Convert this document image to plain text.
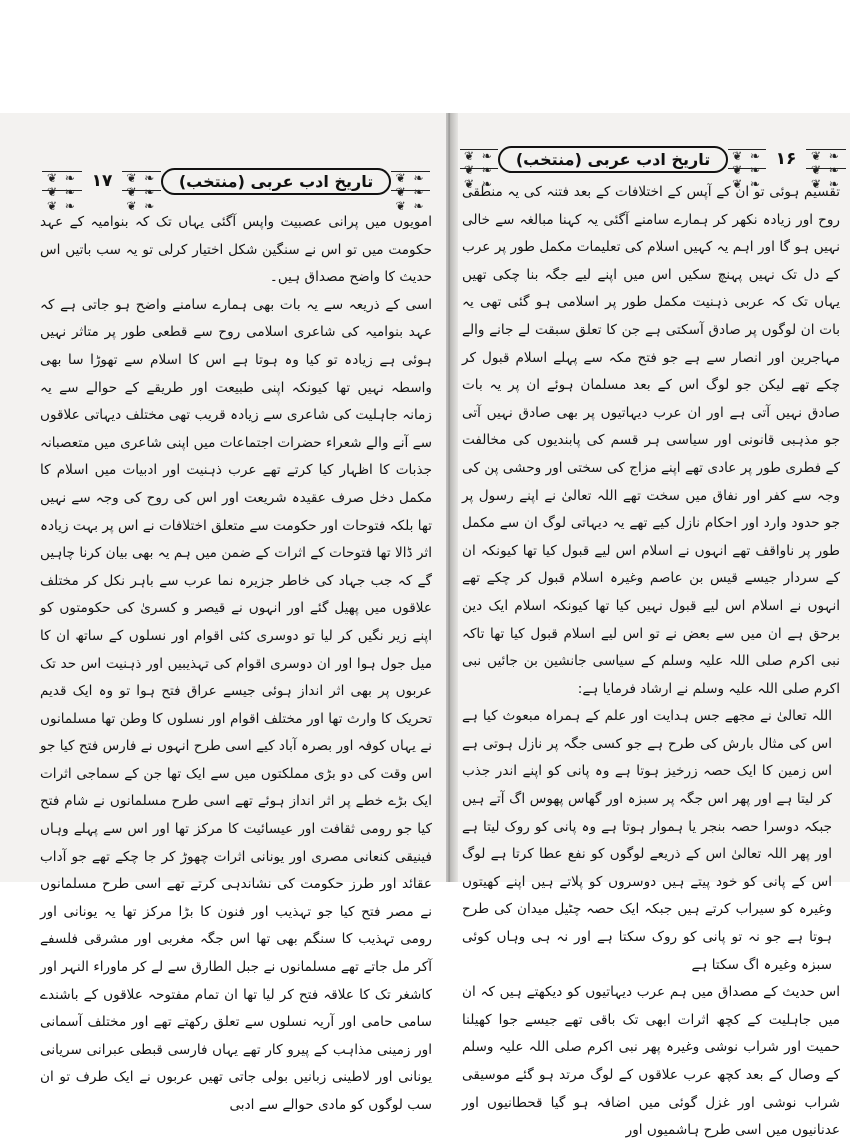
❦ ❧ ❦ ❧ ❦ ❧
تاریخ ادب عربی (منتخب) ❦ ❧ ❦ ❧ ❦ ❧	۱۶
❦ ❧ ❦ ❧ ❦ ❧

تقسیم ہوئی تو ان کے آپس کے اختلافات کے بعد فتنہ کی یہ منطقی روح اور زیادہ نکھر کر ہمارے سامنے آگئی یہ کہنا مبالغہ سے خالی نہیں ہو گا اور اہم یہ کہیں اسلام کی تعلیمات مکمل طور پر عرب کے دل تک نہیں پہنچ سکیں اس میں اپنے لیے جگہ بنا چکی تھیں یہاں تک کہ عربی ذہنیت مکمل طور پر اسلامی ہو گئی تھی یہ بات ان لوگوں پر صادق آسکتی ہے جن کا تعلق سبقت لے جانے والے مہاجرین اور انصار سے ہے جو فتح مکہ سے پہلے اسلام قبول کر چکے تھے لیکن جو لوگ اس کے بعد مسلمان ہوئے ان پر یہ بات صادق نہیں آتی ہے اور ان عرب دیہاتیوں پر بھی صادق نہیں آتی جو مذہبی قانونی اور سیاسی ہر قسم کی پابندیوں کی مخالفت کے فطری طور پر عادی تھے اپنے مزاج کی سختی اور وحشی پن کی وجہ سے کفر اور نفاق میں سخت تھے اللہ تعالیٰ نے اپنے رسول پر جو حدود وارد اور احکام نازل کیے تھے یہ دیہاتی لوگ ان سے مکمل طور پر ناواقف تھے انہوں نے اسلام اس لیے قبول کیا تھا کیونکہ ان کے سردار جیسے قیس بن عاصم وغیرہ اسلام قبول کر چکے تھے انہوں نے اسلام اس لیے قبول نہیں کیا تھا کیونکہ اسلام ایک دین برحق ہے ان میں سے بعض نے تو اس لیے اسلام قبول کیا تھا تاکہ نبی اکرم صلی اللہ علیہ وسلم کے سیاسی جانشین بن جائیں نبی اکرم صلی اللہ علیہ وسلم نے ارشاد فرمایا ہے:

اللہ تعالیٰ نے مجھے جس ہدایت اور علم کے ہمراہ مبعوث کیا ہے اس کی مثال بارش کی طرح ہے جو کسی جگہ پر نازل ہوتی ہے اس زمین کا ایک حصہ زرخیز ہوتا ہے وہ پانی کو اپنے اندر جذب کر لیتا ہے اور پھر اس جگہ پر سبزہ اور گھاس پھوس اگ آتے ہیں جبکہ دوسرا حصہ بنجر یا ہموار ہوتا ہے وہ پانی کو روک لیتا ہے اور پھر اللہ تعالیٰ اس کے ذریعے لوگوں کو نفع عطا کرتا ہے لوگ اس کے پانی کو خود پیتے ہیں دوسروں کو پلاتے ہیں اپنے کھیتوں وغیرہ کو سیراب کرتے ہیں جبکہ ایک حصہ چٹیل میدان کی طرح ہوتا ہے جو نہ تو پانی کو روک سکتا ہے اور نہ ہی وہاں کوئی سبزہ وغیرہ اگ سکتا ہے

اس حدیث کے مصداق میں ہم عرب دیہاتیوں کو دیکھتے ہیں کہ ان میں جاہلیت کے کچھ اثرات ابھی تک باقی تھے جیسے جوا کھیلنا حمیت اور شراب نوشی وغیرہ پھر نبی اکرم صلی اللہ علیہ وسلم کے وصال کے بعد کچھ عرب علاقوں کے لوگ مرتد ہو گئے موسیقی شراب نوشی اور غزل گوئی میں اضافہ ہو گیا قحطانیوں اور عدنانیوں میں اسی طرح ہاشمیوں اور

❦ ❧ ❦ ❧ ❦ ❧
۱۷ ❦ ❧ ❦ ❧ ❦ ❧	تاریخ ادب عربی (منتخب)
❦ ❧ ❦ ❧ ❦ ❧

امویوں میں پرانی عصبیت واپس آگئی یہاں تک کہ بنوامیہ کے عہد حکومت میں تو اس نے سنگین شکل اختیار کرلی تو یہ سب باتیں اس حدیث کا واضح مصداق ہیں۔

اسی کے ذریعہ سے یہ بات بھی ہمارے سامنے واضح ہو جاتی ہے کہ عہد بنوامیہ کی شاعری اسلامی روح سے قطعی طور پر متاثر نہیں ہوئی ہے زیادہ تو کیا وہ ہوتا ہے اس کا اسلام سے تھوڑا سا بھی واسطہ نہیں تھا کیونکہ اپنی طبیعت اور طریقے کے حوالے سے یہ زمانہ جاہلیت کی شاعری سے زیادہ قریب تھی مختلف دیہاتی علاقوں سے آنے والے شعراء حضرات اجتماعات میں اپنی شاعری میں متعصبانہ جذبات کا اظہار کیا کرتے تھے عرب ذہنیت اور ادبیات میں اسلام کا مکمل دخل صرف عقیدہ شریعت اور اس کی روح کی وجہ سے نہیں تھا بلکہ فتوحات اور حکومت سے متعلق اختلافات نے اس پر بہت زیادہ اثر ڈالا تھا فتوحات کے اثرات کے ضمن میں ہم یہ بھی بیان کرنا چاہیں گے کہ جب جہاد کی خاطر جزیرہ نما عرب سے باہر نکل کر مختلف علاقوں میں پھیل گئے اور انہوں نے قیصر و کسریٰ کی حکومتوں کو اپنے زیر نگیں کر لیا تو دوسری کئی اقوام اور نسلوں کے ساتھ ان کا میل جول ہوا اور ان دوسری اقوام کی تہذیبیں اور ذہنیت اس حد تک عربوں پر بھی اثر انداز ہوئی جیسے عراق فتح ہوا تو وہ ایک قدیم تحریک کا وارث تھا اور مختلف اقوام اور نسلوں کا وطن تھا مسلمانوں نے یہاں کوفہ اور بصرہ آباد کیے اسی طرح انہوں نے فارس فتح کیا جو اس وقت کی دو بڑی مملکتوں میں سے ایک تھا جن کے سماجی اثرات ایک بڑے خطے پر اثر انداز ہوئے تھے اسی طرح مسلمانوں نے شام فتح کیا جو رومی ثقافت اور عیسائیت کا مرکز تھا اور اس سے پہلے وہاں فینیقی کنعانی مصری اور یونانی اثرات چھوڑ کر جا چکے تھے جو آداب عقائد اور طرز حکومت کی نشاندہی کرتے تھے اسی طرح مسلمانوں نے مصر فتح کیا جو تہذیب اور فنون کا بڑا مرکز تھا یہ یونانی اور رومی تہذیب کا سنگم بھی تھا اس جگہ مغربی اور مشرقی فلسفے آکر مل جاتے تھے مسلمانوں نے جبل الطارق سے لے کر ماوراء النہر اور کاشغر تک کا علاقہ فتح کر لیا تھا ان تمام مفتوحہ علاقوں کے باشندے سامی حامی اور آریہ نسلوں سے تعلق رکھتے تھے اور مختلف آسمانی اور زمینی مذاہب کے پیرو کار تھے یہاں فارسی قبطی عبرانی سریانی یونانی اور لاطینی زبانیں بولی جاتی تھیں عربوں نے ایک طرف تو ان سب لوگوں کو مادی حوالے سے ادبی
